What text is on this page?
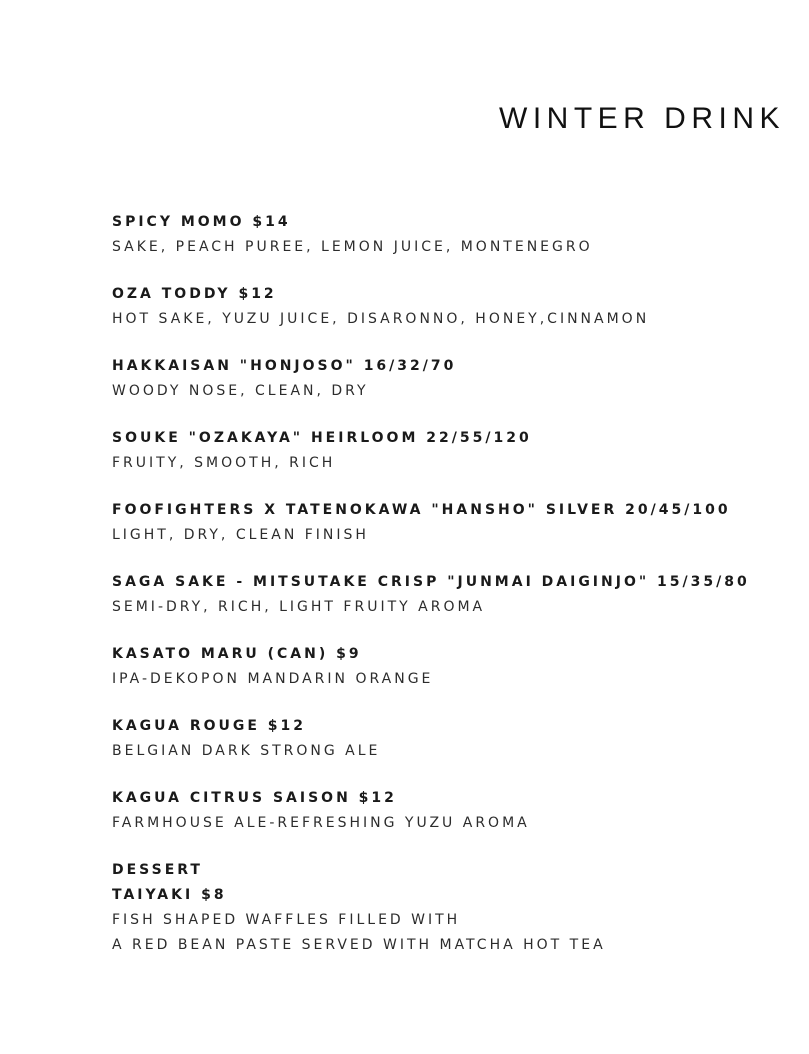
WINTER DRINK
SPICY MOMO $14
SAKE, PEACH PUREE, LEMON JUICE, MONTENEGRO
OZA TODDY $12
HOT SAKE, YUZU JUICE, DISARONNO, HONEY,CINNAMON
HAKKAISAN "HONJOSO" 16/32/70
WOODY NOSE, CLEAN, DRY
SOUKE "OZAKAYA" HEIRLOOM 22/55/120
FRUITY, SMOOTH, RICH
FOOFIGHTERS X TATENOKAWA "HANSHO" SILVER 20/45/100
LIGHT, DRY, CLEAN FINISH
SAGA SAKE - MITSUTAKE CRISP "JUNMAI DAIGINJO" 15/35/80
SEMI-DRY, RICH, LIGHT FRUITY AROMA
KASATO MARU (CAN) $9
IPA-DEKOPON MANDARIN ORANGE
KAGUA ROUGE $12
BELGIAN DARK STRONG ALE
KAGUA CITRUS SAISON $12
FARMHOUSE ALE-REFRESHING YUZU AROMA
DESSERT
TAIYAKI $8
FISH SHAPED WAFFLES FILLED WITH
A RED BEAN PASTE SERVED WITH MATCHA HOT TEA
